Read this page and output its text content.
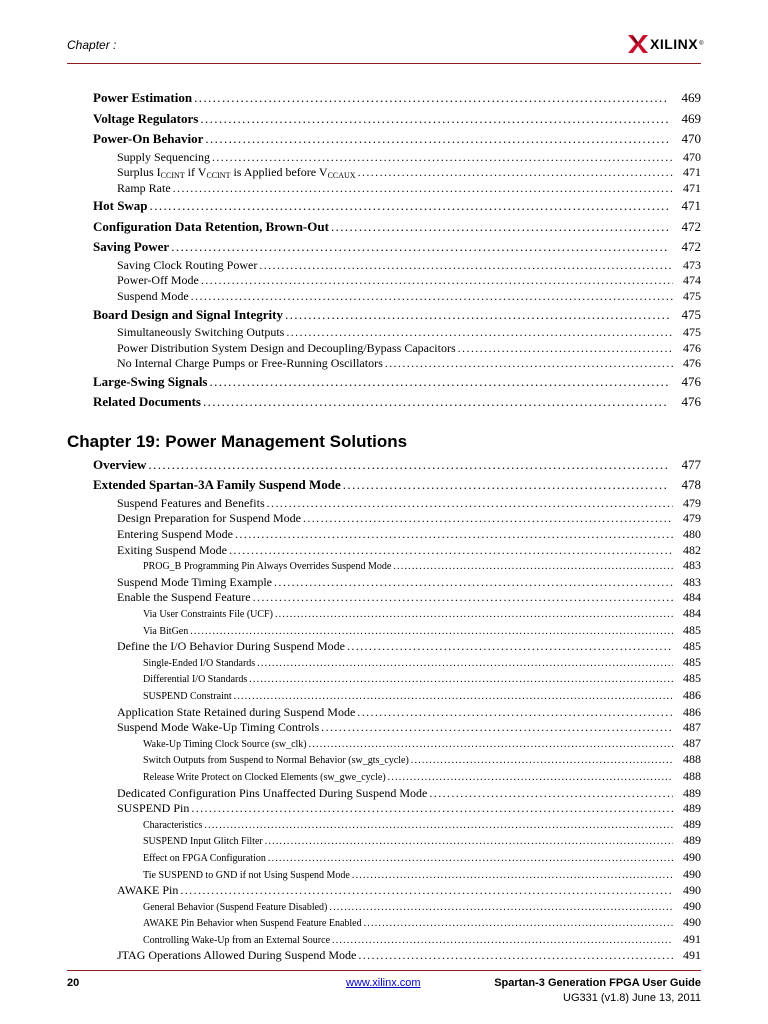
Chapter :	XILINX ®
Power Estimation .....	469
Voltage Regulators .....	469
Power-On Behavior .....	470
Supply Sequencing .....	470
Surplus $I_{CCINT}$ if $V_{CCINT}$ is Applied before $V_{CCAUX}$ .....	471
Ramp Rate .....	471
Hot Swap .....	471
Configuration Data Retention, Brown-Out .....	472
Saving Power .....	472
Saving Clock Routing Power .....	473
Power-Off Mode .....	474
Suspend Mode .....	475
Board Design and Signal Integrity .....	475
Simultaneously Switching Outputs .....	475
Power Distribution System Design and Decoupling/Bypass Capacitors .....	476
No Internal Charge Pumps or Free-Running Oscillators .....	476
Large-Swing Signals .....	476
Related Documents .....	476
Chapter 19: Power Management Solutions
Overview .....	477
Extended Spartan-3A Family Suspend Mode .....	478
Suspend Features and Benefits .....	479
Design Preparation for Suspend Mode .....	479
Entering Suspend Mode .....	480
Exiting Suspend Mode .....	482
PROG_B Programming Pin Always Overrides Suspend Mode .....	483
Suspend Mode Timing Example .....	483
Enable the Suspend Feature .....	484
Via User Constraints File (UCF) .....	484
Via BitGen .....	485
Define the I/O Behavior During Suspend Mode .....	485
Single-Ended I/O Standards .....	485
Differential I/O Standards .....	485
SUSPEND Constraint .....	486
Application State Retained during Suspend Mode .....	486
Suspend Mode Wake-Up Timing Controls .....	487
Wake-Up Timing Clock Source (sw_clk) .....	487
Switch Outputs from Suspend to Normal Behavior (sw_gts_cycle) .....	488
Release Write Protect on Clocked Elements (sw_gwe_cycle) .....	488
Dedicated Configuration Pins Unaffected During Suspend Mode .....	489
SUSPEND Pin .....	489
Characteristics .....	489
SUSPEND Input Glitch Filter .....	489
Effect on FPGA Configuration .....	490
Tie SUSPEND to GND if not Using Suspend Mode .....	490
AWAKE Pin .....	490
General Behavior (Suspend Feature Disabled) .....	490
AWAKE Pin Behavior when Suspend Feature Enabled .....	490
Controlling Wake-Up from an External Source .....	491
JTAG Operations Allowed During Suspend Mode .....	491
20	www.xilinx.com	Spartan-3 Generation FPGA User Guide
UG331 (v1.8) June 13, 2011
